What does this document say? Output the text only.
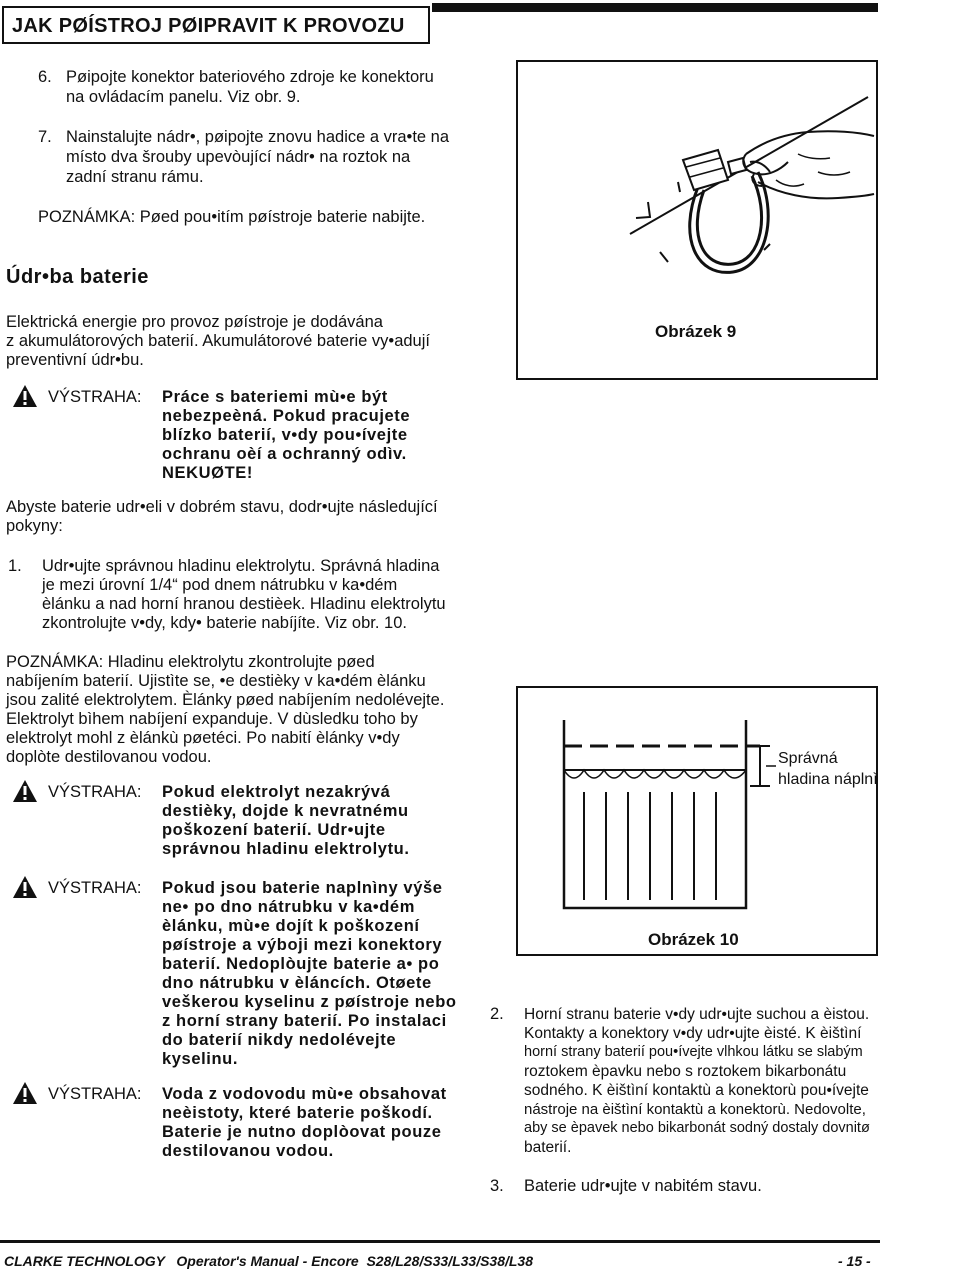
JAK PØÍSTROJ PØIPRAVIT K PROVOZU
6. Pøipojte konektor bateriového zdroje ke konektoru
na ovládacím panelu. Viz obr. 9.
7. Nainstalujte nádr•, pøipojte znovu hadice a vra•te na
místo dva šrouby upevòující nádr• na roztok na
zadní stranu rámu.
POZNÁMKA: Pøed pou•itím pøístroje baterie nabijte.
Údr•ba baterie
Elektrická energie pro provoz pøístroje je dodávána
z akumulátorových baterií. Akumulátorové baterie vy•adují
preventivní údr•bu.
VÝSTRAHA: Práce s bateriemi mù•e být
nebezpeèná. Pokud pracujete
blízko baterií, v•dy pou•ívejte
ochranu oèí a ochranný odìv.
NEKUØTE!
Abyste baterie udr•eli v dobrém stavu, dodr•ujte následující
pokyny:
1. Udr•ujte správnou hladinu elektrolytu. Správná hladina
je mezi úrovní 1/4“ pod dnem nátrubku v ka•dém
èlánku a nad horní hranou destièek. Hladinu elektrolytu
zkontrolujte v•dy, kdy• baterie nabíjíte. Viz obr. 10.
POZNÁMKA: Hladinu elektrolytu zkontrolujte pøed
nabíjením baterií. Ujistìte se, •e destièky v ka•dém èlánku
jsou zalité elektrolytem. Èlánky pøed nabíjením nedolévejte.
Elektrolyt bìhem nabíjení expanduje. V dùsledku toho by
elektrolyt mohl z èlánkù pøetéci. Po nabití èlánky v•dy
doplòte destilovanou vodou.
VÝSTRAHA: Pokud elektrolyt nezakrývá
destièky, dojde k nevratnému
poškození baterií. Udr•ujte
správnou hladinu elektrolytu.
VÝSTRAHA: Pokud jsou baterie naplnìny výše
ne• po dno nátrubku v ka•dém
èlánku, mù•e dojít k poškození
pøístroje a výboji mezi konektory
baterií. Nedoplòujte baterie a• po
dno nátrubku v èláncích. Otøete
veškerou kyselinu z pøístroje nebo
z horní strany baterií. Po instalaci
do baterií nikdy nedolévejte
kyselinu.
VÝSTRAHA: Voda z vodovodu mù•e obsahovat
neèistoty, které baterie poškodí.
Baterie je nutno doplòovat pouze
destilovanou vodou.
Obrázek 9
Správná
hladina náplnì
Obrázek 10
2. Horní stranu baterie v•dy udr•ujte suchou a èistou.
Kontakty a konektory v•dy udr•ujte èisté. K èištìní
horní strany baterií pou•ívejte vlhkou látku se slabým
roztokem èpavku nebo s roztokem bikarbonátu
sodného. K èištìní kontaktù a konektorù pou•ívejte
nástroje na èištìní kontaktù a konektorù. Nedovolte,
aby se èpavek nebo bikarbonát sodný dostaly dovnitø
baterií.
3. Baterie udr•ujte v nabitém stavu.
CLARKE TECHNOLOGY   Operator's Manual - Encore  S28/L28/S33/L33/S38/L38	- 15 -
